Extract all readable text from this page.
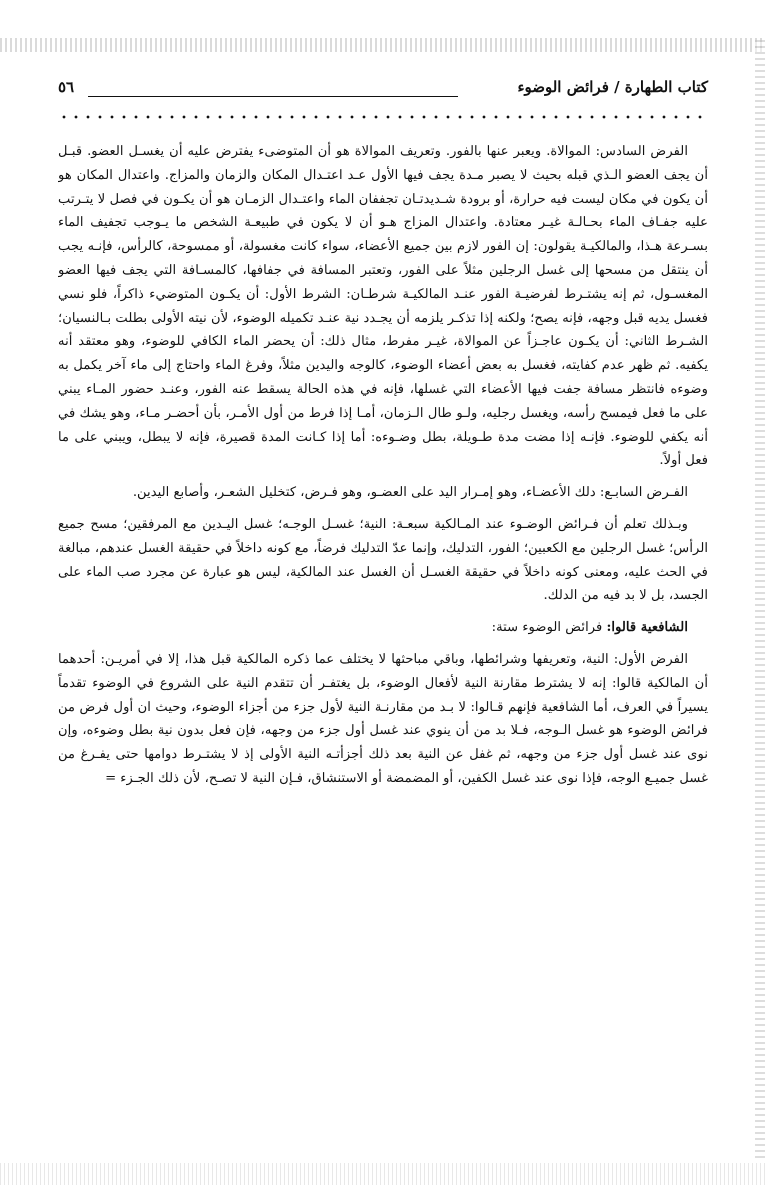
كتاب الطهارة / فرائض الوضوء
٥٦

الفرض السادس: الموالاة. ويعبر عنها بالفور. وتعريف الموالاة هو أن المتوضىء يفترض عليه أن يغسـل العضو. قبـل أن يجف العضو الـذي قبله بحيث لا يصبر مـدة يجف فيها الأول عـد اعتـدال المكان والزمان والمزاج. واعتدال المكان هو أن يكون في مكان ليست فيه حرارة، أو برودة شـديدتـان تجففان الماء واعتـدال الزمـان هو أن يكـون في فصل لا يتـرتب عليه جفـاف الماء بحـالـة غيـر معتادة. واعتدال المزاج هـو أن لا يكون في طبيعـة الشخص ما يـوجب تجفيف الماء بسـرعة هـذا، والمالكيـة يقولون: إن الفور لازم بين جميع الأعضاء، سواء كانت مغسولة، أو ممسوحة، كالرأس، فإنـه يجب أن ينتقل من مسحها إلى غسل الرجلين مثلاً على الفور، وتعتبر المسافة في جفافها، كالمسـافة التي يجف فيها العضو المغسـول، ثم إنه يشتـرط لفرضيـة الفور عنـد المالكيـة شرطـان: الشرط الأول: أن يكـون المتوضيء ذاكراً، فلو نسي فغسل يديه قبل وجهه، فإنه يصح؛ ولكنه إذا تذكـر يلزمه أن يجـدد نية عنـد تكميله الوضوء، لأن نيته الأولى بطلت بـالنسيان؛ الشـرط الثاني: أن يكـون عاجـزاً عن الموالاة، غيـر مفرط، مثال ذلك: أن يحضر الماء الكافي للوضوء، وهو معتقد أنه يكفيه. ثم ظهر عدم كفايته، فغسل به بعض أعضاء الوضوء، كالوجه واليدين مثلاً، وفرغ الماء واحتاج إلى ماء آخر يكمل به وضوءه فانتظر مسافة جفت فيها الأعضاء التي غسلها، فإنه في هذه الحالة يسقط عنه الفور، وعنـد حضور المـاء يبني على ما فعل فيمسح رأسه، ويغسل رجليه، ولـو طال الـزمان، أمـا إذا فرط من أول الأمـر، بأن أحضـر مـاء، وهو يشك في أنه يكفي للوضوء. فإنـه إذا مضت مدة طـويلة، بطل وضـوءه: أما إذا كـانت المدة قصيرة، فإنه لا يبطل، ويبني على ما فعل أولاً.

الفـرض السابـع: دلك الأعضـاء، وهو إمـرار اليد على العضـو، وهو فـرض، كتخليل الشعـر، وأصابع اليدين.

وبـذلك تعلم أن فـرائض الوضـوء عند المـالكية سبعـة: النية؛ غسـل الوجـه؛ غسل اليـدين مع المرفقين؛ مسح جميع الرأس؛ غسل الرجلين مع الكعبين؛ الفور، التدليك، وإنما عدّ التدليك فرضاً، مع كونه داخلاً في حقيقة الغسل عندهم، مبالغة في الحث عليه، ومعنى كونه داخلاً في حقيقة الغسـل أن الغسل عند المالكية، ليس هو عبارة عن مجرد صب الماء على الجسد، بل لا بد فيه من الدلك.

الشافعية قالوا: فرائض الوضوء ستة:

الفرض الأول: النية، وتعريفها وشرائطها، وباقي مباحثها لا يختلف عما ذكره المالكية قبل هذا، إلا في أمريـن: أحدهما أن المالكية قالوا: إنه لا يشترط مقارنة النية لأفعال الوضوء، بل يغتفـر أن تتقدم النية على الشروع في الوضوء تقدماً يسيراً في العرف، أما الشافعية فإنهم قـالوا: لا بـد من مقارنـة النية لأول جزء من أجزاء الوضوء، وحيث ان أول فرض من فرائض الوضوء هو غسل الـوجه، فـلا بد من أن ينوي عند غسل أول جزء من وجهه، فإن فعل بدون نية بطل وضوءه، وإن نوى عند غسل أول جزء من وجهه، ثم غفل عن النية بعد ذلك أجزأتـه النية الأولى إذ لا يشتـرط دوامها حتى يفـرغ من غسل جميـع الوجه، فإذا نوى عند غسل الكفين، أو المضمضة أو الاستنشاق، فـإن النية لا تصـح، لأن ذلك الجـزء =
